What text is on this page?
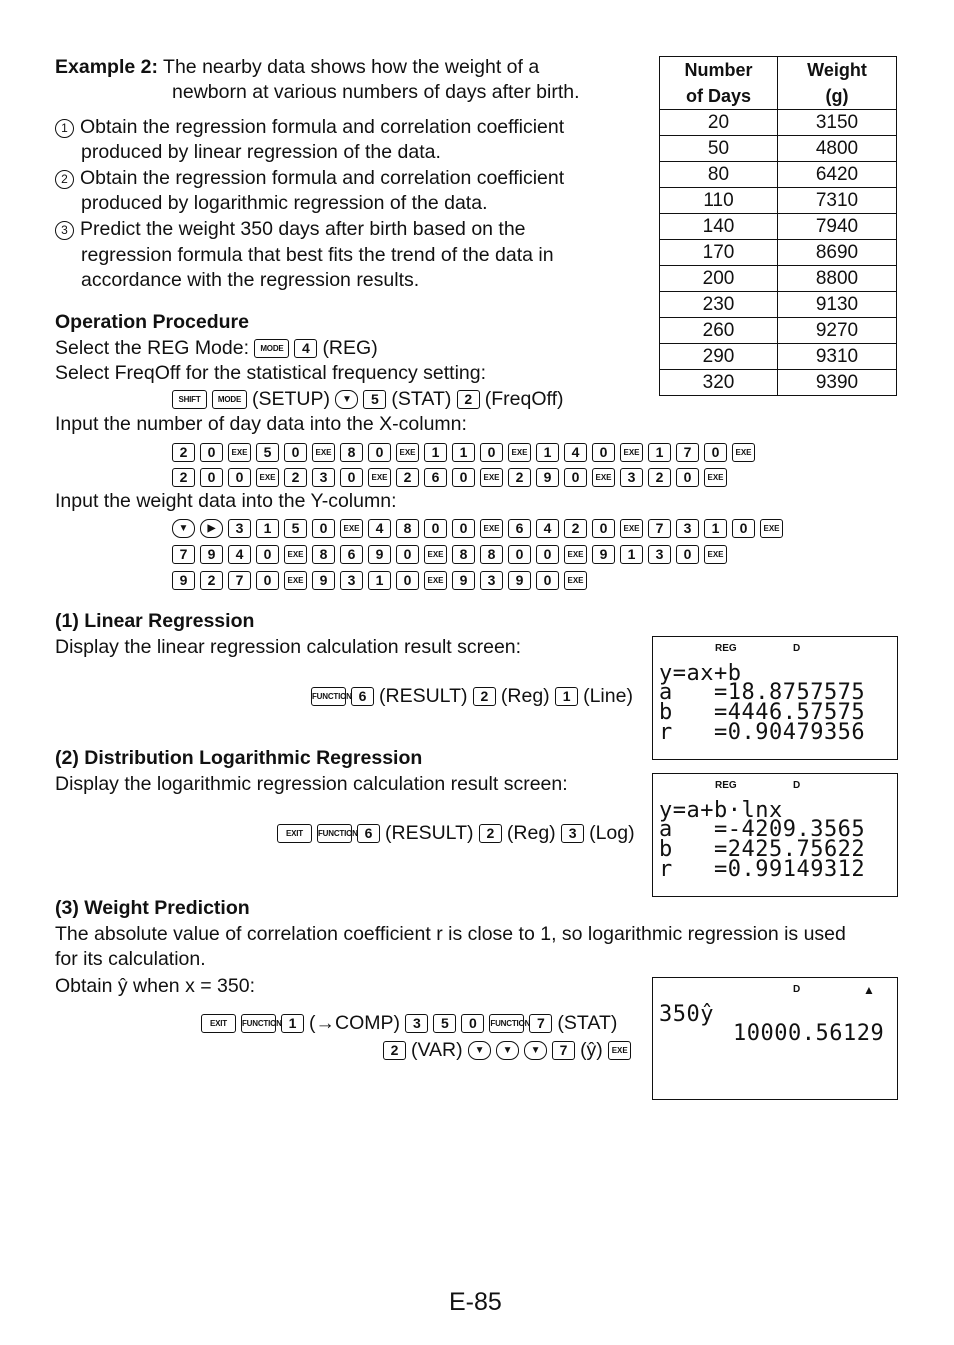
Example 2: The nearby data shows how the weight of a
newborn at various numbers of days after birth.
1 Obtain the regression formula and correlation coefficient
produced by linear regression of the data.
2 Obtain the regression formula and correlation coefficient
produced by logarithmic regression of the data.
3 Predict the weight 350 days after birth based on the
regression formula that best fits the trend of the data in
accordance with the regression results.
Number
of Days	Weight
(g)
20	3150
50	4800
80	6420
110	7310
140	7940
170	8690
200	8800
230	9130
260	9270
290	9310
320	9390
Operation Procedure
Select the REG Mode: MODE 4 (REG)
Select FreqOff for the statistical frequency setting:
SHIFT MODE (SETUP) ▼ 5 (STAT) 2 (FreqOff)
Input the number of day data into the X-column:
2 0 EXE 5 0 EXE 8 0 EXE 1 1 0 EXE 1 4 0 EXE 1 7 0 EXE
2 0 0 EXE 2 3 0 EXE 2 6 0 EXE 2 9 0 EXE 3 2 0 EXE
Input the weight data into the Y-column:
▼ ▶ 3 1 5 0 EXE 4 8 0 0 EXE 6 4 2 0 EXE 7 3 1 0 EXE
7 9 4 0 EXE 8 6 9 0 EXE 8 8 0 0 EXE 9 1 3 0 EXE
9 2 7 0 EXE 9 3 1 0 EXE 9 3 9 0 EXE
(1) Linear Regression
Display the linear regression calculation result screen:
FUNCTION 6 (RESULT) 2 (Reg) 1 (Line)
REG	D
y=ax+b
a   =18.8757575
b   =4446.57575
r   =0.90479356
(2) Distribution Logarithmic Regression
Display the logarithmic regression calculation result screen:
EXIT FUNCTION 6 (RESULT) 2 (Reg) 3 (Log)
REG	D
y=a+b·lnx
a   =-4209.3565
b   =2425.75622
r   =0.99149312
(3) Weight Prediction
The absolute value of correlation coefficient r is close to 1, so logarithmic regression is used
for its calculation.
Obtain ŷ when x = 350:
EXIT FUNCTION 1 (→COMP) 3 5 0 FUNCTION 7 (STAT)
2 (VAR) ▼ ▼ ▼ 7 (ŷ) EXE
D	▲
350ŷ
10000.56129
E-85
